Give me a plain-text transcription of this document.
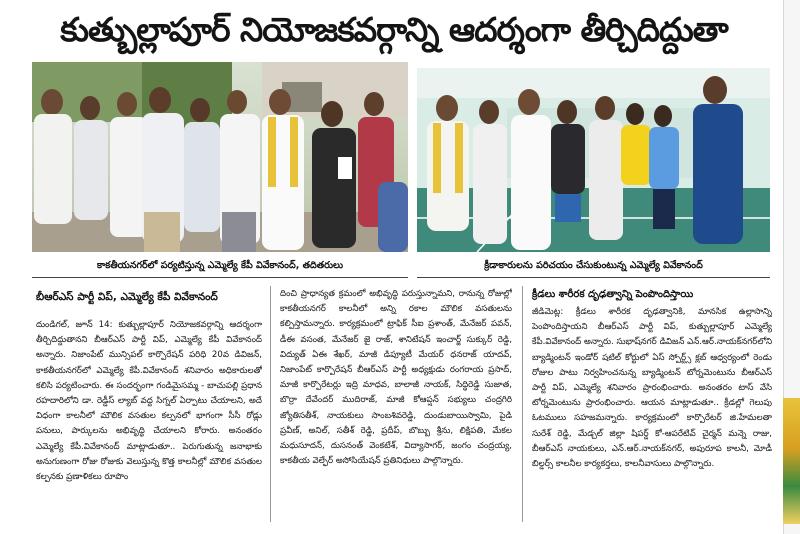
కుత్బుల్లాపూర్ నియోజకవర్గాన్ని ఆదర్శంగా తీర్చిదిద్దుతా
కాకతీయనగర్‌లో పర్యటిస్తున్న ఎమ్మెల్యే కేపీ వివేకానంద్, తదితరులు	క్రీడాకారులను పరిచయం చేసుకుంటున్న ఎమ్మెల్యే వివేకానంద్
బీఆర్ఎస్ పార్టీ విప్, ఎమ్మెల్యే కేపీ వివేకానంద్

దుండిగల్, జూన్ 14: కుత్బుల్లాపూర్ నియోజకవర్గాన్ని ఆదర్శంగా తీర్చిదిద్దుతానని బీఆర్ఎస్ పార్టీ విప్, ఎమ్మెల్యే కేపీ వివేకానంద్ అన్నారు. నిజాంపేట్ మున్సిపల్ కార్పొరేషన్ పరిధి 20వ డివిజన్, కాకతీయనగర్‌లో ఎమ్మెల్యే కేపీ.వివేకానంద్ శనివారం అధికారులతో కలిసి పర్యటించారు. ఈ సందర్భంగా గండిమైసమ్మ - బాచుపల్లి ప్రధాన రహదారిలోని డా. రెడ్డీస్ ల్యాబ్ వద్ద సిగ్నల్ ఏర్పాటు చేయాలని, అదే విధంగా కాలనీలో మౌలిక వసతుల కల్పనలో భాగంగా సీసీ రోడ్లు పనులు, పార్కులను అభివృద్ధి చేయాలని కోరారు. అనంతరం ఎమ్మెల్యే కేపీ.వివేకానంద్ మాట్లాడుతూ.. పెరుగుతున్న జనాభాకు అనుగుణంగా రోజు రోజుకు వెలుస్తున్న కొత్త కాలనీల్లో మౌలిక వసతుల కల్పనకు ప్రణాళికలు రూపొం

దించి ప్రాధాన్యత క్రమంలో అభివృద్ధి పరుస్తున్నామని, రానున్న రోజుల్లో కాకతీయనగర్ కాలనీలో అన్ని రకాల మౌలిక వసతులను కల్పిస్తామన్నారు. కార్యక్రమంలో ట్రాఫిక్ సీఐ ప్రశాంత్, మేనేజర్ పవన్, డీఈ వసంత, మేనేజర్ జై రాజ్, శానిటేషన్ ఇంచార్జ్ సుక్కుర్ రెడ్డి, విద్యుత్ ఏఈ శేఖర్, మాజీ డిప్యూటీ మేయర్ ధనరాజ్ యాదవ్, నిజాంపేట్ కార్పొరేషన్ బీఆర్ఎస్ పార్టీ అధ్యక్షుడు రంగరాయ ప్రసాద్, మాజీ కార్పొరేటర్లు ఇద్రి మాధవ, బాలాజీ నాయక్, సిద్ధిరెడ్డి సుజాత, బొర్రా దేవేందర్ ముదిరాజ్, మాజీ కోఆప్షన్ సభ్యులు చంద్రగిరి జ్యోతిసతీశ్, నాయకులు సాంబశివరెడ్డి, దుండుబాయిస్వామి, పైడి ప్రవీణ్, అనిల్, సతీశ్ రెడ్డి, ప్రదీప్, బొబ్బు శ్రీను, లిక్షిపతి, మేకల మధుసూదన్, దుసనంత్ వెంకటేశ్, విద్యాసాగర్, జంగం చంద్రయ్య, కాకతీయ వెల్ఫేర్ అసోసియేషన్ ప్రతినిధులు పాల్గొన్నారు.

క్రీడలు శారీరక దృఢత్వాన్ని పెంపొందిస్తాయి

జీడిమెట్ల: క్రీడలు శారీరక దృఢత్వానికి, మానసిక ఉల్లాసాన్ని పెంపొందిస్తాయని బీఆర్ఎస్ పార్టీ విప్, కుత్బుల్లాపూర్ ఎమ్మెల్యే కేపీ.వివేకానంద్ అన్నారు. సుభాష్‌నగర్ డివిజన్ ఎన్.ఆర్.నాయక్‌నగర్‌లోని బ్యాడ్మింటన్ ఇండోర్ షటిల్ కోర్టులో ఏస్ స్పోర్ట్స్ క్లబ్ ఆధ్వర్యంలో రెండు రోజుల పాటు నిర్వహించనున్న బ్యాడ్మింటన్ టోర్నమెంటును బీఆర్ఎస్ పార్టీ విప్, ఎమ్మెల్యే శనివారం ప్రారంభించారు. అనంతరం టాస్ వేసి టోర్నమెంటును ప్రారంభించారు. ఆయన మాట్లాడుతూ.. క్రీడల్లో గెలుపు ఓటములు సహజమన్నారు. కార్యక్రమంలో కార్పొరేటర్ జి.హేమలతా సురేశ్ రెడ్డి, మేడ్చల్ జిల్లా షిపర్డ్ కో-ఆపరేటివ్ చైర్మన్ మన్నె రాజు, బీఆర్ఎస్ నాయకులు, ఎన్.ఆర్.నాయక్‌నగర్, అపురూప కాలనీ, మోడీ బిల్డర్స్ కాలనీల కార్యకర్తలు, కాలనీవాసులు పాల్గొన్నారు.
